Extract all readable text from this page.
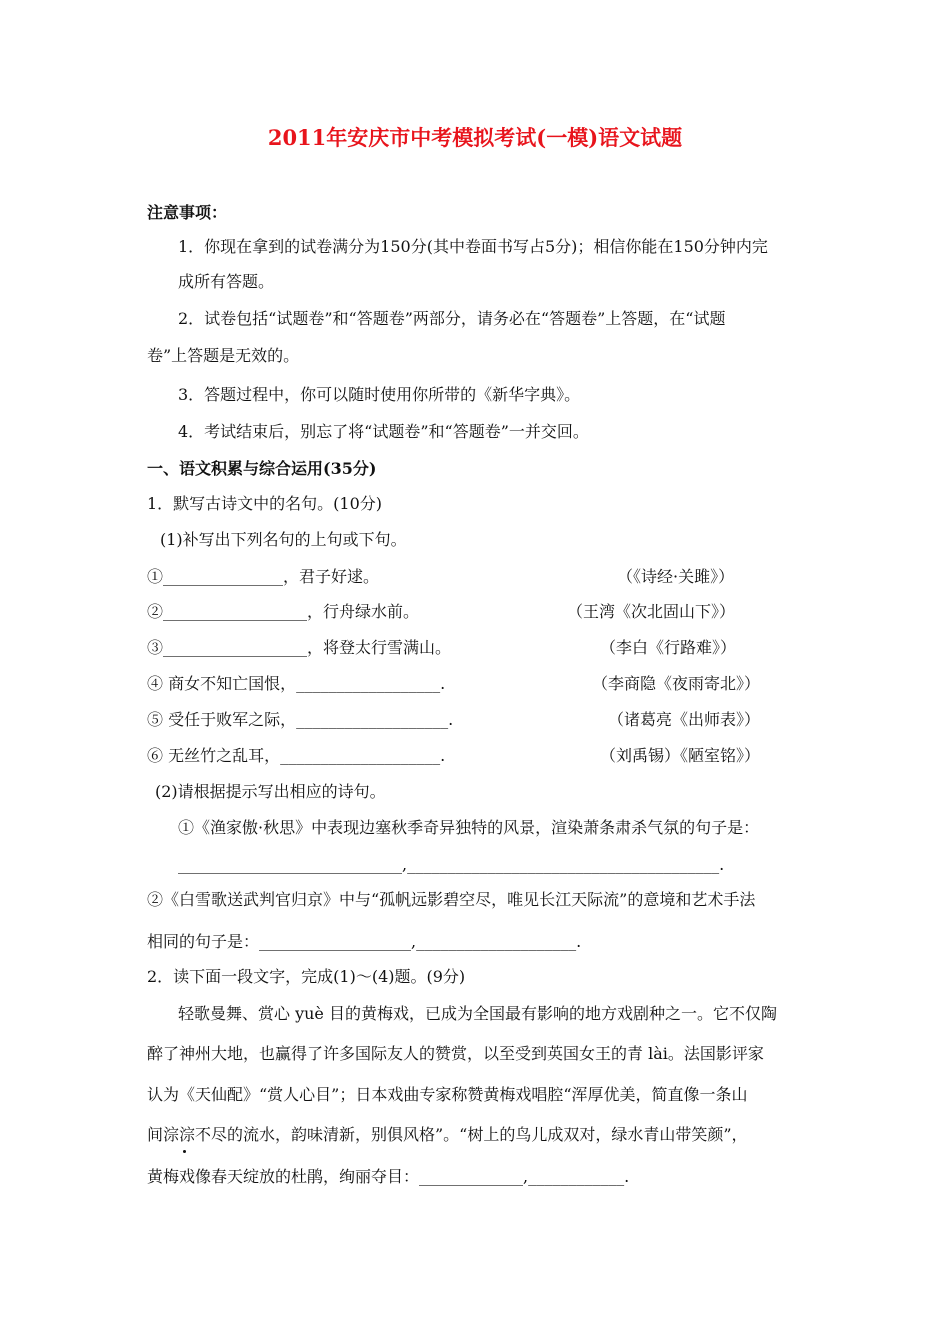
2011年安庆市中考模拟考试(一模)语文试题
注意事项：
1．你现在拿到的试卷满分为150分(其中卷面书写占5分)；相信你能在150分钟内完
成所有答题。
2．试卷包括“试题卷”和“答题卷”两部分，请务必在“答题卷”上答题，在“试题
卷”上答题是无效的。
3．答题过程中，你可以随时使用你所带的《新华字典》。
4．考试结束后，别忘了将“试题卷”和“答题卷”一并交回。
一、语文积累与综合运用(35分)
1．默写古诗文中的名句。(10分)
(1)补写出下列名句的上句或下句。
①_______________，君子好逑。	（《诗经·关雎》）
②__________________，行舟绿水前。	（王湾《次北固山下》）
③__________________，将登太行雪满山。	（李白《行路难》）
④ 商女不知亡国恨，__________________.	（李商隐《夜雨寄北》）
⑤ 受任于败军之际，___________________.	（诸葛亮《出师表》）
⑥ 无丝竹之乱耳，____________________.	（刘禹锡）《陋室铭》）
(2)请根据提示写出相应的诗句。
①《渔家傲·秋思》中表现边塞秋季奇异独特的风景，渲染萧条肃杀气氛的句子是：
____________________________,_______________________________________.
②《白雪歌送武判官归京》中与“孤帆远影碧空尽，唯见长江天际流”的意境和艺术手法
相同的句子是：___________________,____________________.
2．读下面一段文字，完成(1)～(4)题。(9分)
轻歌曼舞、赏心 yuè 目的黄梅戏，已成为全国最有影响的地方戏剧种之一。它不仅陶
醉了神州大地，也赢得了许多国际友人的赞赏，以至受到英国女王的青 lài。法国影评家
认为《天仙配》“赏人心目”；日本戏曲专家称赞黄梅戏唱腔“浑厚优美，简直像一条山
间淙淙不尽的流水，韵味清新，别俱风格”。“树上的鸟儿成双对，绿水青山带笑颜”，
黄梅戏像春天绽放的杜鹃，绚丽夺目：_____________,____________.
